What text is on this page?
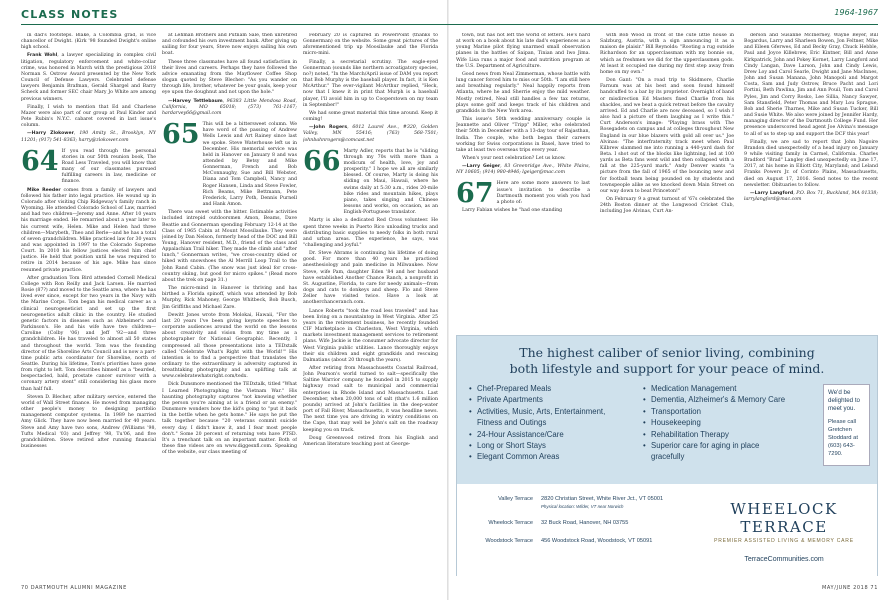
CLASS NOTES	1964-1967

in dad's footsteps. Blake, a Colombia grad, is vice chancellor of Dwight. (Kirk '98 founded Dwight's online high school.

Frank Wohl, a lawyer specializing in complex civil litigation, regulatory enforcement and white-collar crime, was honored in March with the prestigious 2018 Norman S. Ostrow Award presented by the New York Council of Defense Lawyers. Celebrated defense lawyers Benjamin Brafman, Gerald Shargel and Barry Scheck and former SEC chair Mary Jo White are among previous winners.

Finally, I wish to mention that Ed and Charlene Mazer were also part of our group at Paul Kinder and Pete Rubin's N.Y.C. cabaret covered in last issue's column.

—Harry Zlokower, 190 Amity St., Brooklyn, NY 11201; (917) 541-8363; harry@zlokower.com

64 If you read through the personal stories in our 50th reunion book, The Road Less Traveled, you will know that many of our classmates pursued fulfilling careers in law, medicine or finance.

Mike Reeder comes from a family of lawyers and followed his father into legal practice. He wound up in Colorado after visiting Chip Ridgeway's family ranch in Wyoming. He attended Colorado School of Law, married and had two children—Jeremy and Anne. After 10 years his marriage ended. He remarried about a year later to his current wife, Helen. Mike and Helen had three children—Marybeth, Theo and Berle—and he has a total of seven grandchildren. Mike practiced law for 30 years and was appointed in 1997 to the Colorado Supreme Court. In 2010 his fellow justices elected him chief justice. He held that position until he was required to retire in 2014 because of his age. Mike has since resumed private practice.

After graduation Tom Bird attended Cornell Medical College with Ron Reilly and Jack Larsen. He married Rosie (87?) and moved to the Seattle area, where he has lived ever since, except for two years in the Navy with the Marine Corps. Tom began his medical career as a clinical neurogeneticist and set up the first neurogenetics adult clinic in the country. He studied genetic factors in diseases such as Alzheimer's and Parkinson's. He and his wife have two children—Caroline (Colby '06) and Jeff '92—and three grandchildren. He has traveled to almost all 50 states and throughout the world. Tom was the founding director of the Shoreline Arts Council and is now a part-time public arts coordinator for Shoreline, north of Seattle. During his lifetime, Tom's priorities have gone from right to left. Tom describes himself as a "bearded, bespectacled, bald, prostate cancer survivor with a coronary artery stent" still considering his glass more than half full.

Steven D. Blecher, after military service, entered the world of Wall Street finance. He moved from managing other people's money to designing portfolio management computer systems. In 1989 he married Amy Glick. They have now been married for 40 years. Steve and Amy have two sons, Andrew (Williams '98, Tufts Medical '03) and Jeffrey '98, Tu'06, and five grandchildren. Steve retired after running financial businesses

at Lehman Brothers and Putnam Sale, then unretired and cofounded his own investment bank. After giving up sailing for four years, Steve now enjoys sailing his own boat.

These three classmates have all found satisfaction in their lives and careers. Perhaps they have followed the advice emanating from the Mayflower Coffee Shop slogan quoted by Steve Blecher: "As you wander on through life, brother, whatever be your goals, keep your eye upon the doughnut and not upon the hole."

—Harvey Tettlebaum, 96383 Little Mendosa Road, California, MO 65018; (573) 761-1167; hardarvey66@gmail.com

65 This will be a bittersweet column. We have word of the passing of Andrew Wells Lewis and Art Rainey since last we spoke. Steve Waterhouse left us in December. His memorial service was held in Hanover on January 8 and was attended by Betsy and Mike Gonnerman, French and Bob McConnaughy, Sue and Bill Webster, Diana and Tom Campbell, Nancy and Roger Hansen, Linda and Steve Fowler, Rich Beams, Mike Bettmann, Pete Frederick, Larry Poth, Dennis Purnell and Hank Amon.

There was sweet with the bitter. Estimable activities included intrepid outdoorsmen Amon, Beams, Dave Beattie and Gonnerman spending February 12-14 at the Class of 1965 Cabin at Mount Moosilauke. They were joined by Dan Nelson, formerly head of the DOC and Bill Young, Hanover resident, M.D., friend of the class and Appalachian Trail hiker. They made the climb and "after lunch," Gonnerman writes, "we cross-country skied or hiked with snowshoes the Al Merrill Loop Trail to the John Rand Cabin. (The snow was just ideal for cross-country skiing, but good for micro spikes." (Read more about the trek on page 31.)

The micro-mind in Hanover is thriving and has birthed a Florida spinoff, which was attended by Bob Murphy, Rick Mahoney, George Whitbeck, Bob Busch, Jim Griffiths and Michael Zare.

Dewitt Jones wrote from Molokai, Hawaii, "For the last 20 years I've been giving keynote speeches to corporate audiences around the world on the lessons about creativity and vision from my time as a photographer for National Geographic. Recently, I compressed all those presentations into a TEDxtalk called 'Celebrate What's Right with the World!'" His intention is to find a perspective that translates the ordinary to the extraordinary is adversity captured in breathtaking photography and an uplifting talk at www.celebratewhatsright.com/tedx.

Dick Dunsmore mentioned the TEDxtalk, titled "What I Learned Photographing the Vietnam War." His haunting photography captures "not knowing whether the person you're aiming at is a friend or an enemy." Dunsmore wonders how the kid's going to "put it back in the bottle when he gets home." He says he put the talk together because "20 veterans commit suicide every day. I didn't know it, and I fear most people don't." Some 20 percent of returning vets have PTSD. It's a trenchant talk on an important matter. Both of these fine videos are on www.diggesnfl.com. Speaking of the website, our class meeting of

February 20 is captured in PowerPoint (thanks to Gonnerman) on the website. Some great pictures of the aforementioned trip up Moosilauke and the Florida micro-mini.

Finally, a secretarial scrutiny. The eagle-eyed Gonnerman (sounds like northern acroatigatory species, no?) noted, "In the March/April issue of DAM you report that Bob Murphy is the baseball player. In fact, it is Ken McArthur." The ever-vigilant McArthur replied, "Heck, now that I knew it in print that Murph is a baseball player, I'll avoid him in up to Cooperstown on my team in September!"

We had some great material this time around. Keep it coming!

—John Rogers, 6012 Laurel Ave., #320, Golden Valley, MN 55416; (763) 568-7501; johnbahnrogers@comcast.net

66 Marty Adler, reports that he is "sliding through my 70s with more than a modicum of health, love, joy and prosperity." I hope we all are similarly blessed. Of course, Marty is doing his sliding on Maui, Hawaii, where he swims daily at 5:30 a.m., rides 20-mile bike rides and mountain hikes, plays piano, takes singing and Chinese lessons and works, on occasion, as an English-Portuguese translator.

Marty is also a dedicated Red Cross volunteer. He spent three weeks in Puerto Rico unloading trucks and distributing basic supplies to needy folks in both rural and urban areas. The experience, he says, was "challenging and joyful."

Dr. Steve Abrams is continuing his lifetime of doing good. For more than 40 years he practiced anesthesiology and pain medicine in Milwaukee. Now Steve, wife Pam, daughter Eden '84 and her husband have established Another Chance Ranch, a nonprofit in St. Augustine, Florida, to care for needy animals—from dogs and cats to donkeys and sheep. Flo and Steve Zeller have visited twice. Have a look at anotherchanceranch.com.

Lance Roberts "took the road less traveled" and has been living on a mountaintop in West Virginia. After 25 years in the retirement business, he recently founded CIF Marketplace in Charleston, West Virginia, which markets investment management services to retirement plans. Wife Jackie is the consumer advocate director for West Virginia public utilities. Lance thoroughly enjoys their six children and eight grandkids and rescuing Dalmatians (about 20 through the years).

After retiring from Massachusetts Coastal Railroad, John Pearson's world turned to salt—specifically the Saltine Warrior company he founded in 2015 to supply highway road salt to municipal and commercial enterprises in Rhode Island and Massachusetts. Last December, when 20,000 tons of salt (that's 1.6 million pounds) arrived at John's facilities in the deep-water port of Fall River, Massachusetts, it was headline news. The next time you are driving in wintry conditions on the Cape, that may well be John's salt on the roadway keeping you on track.

Doug Greenwood retired from his English and American literature teaching post at George-

town, but has not left the world of letters. He's hard at work on a book about his late dad's experiences as a young Marine pilot flying unarmed small observation planes in the battles of Saipan, Tinian and Iwo Jima. Wife Lisa runs a major food and nutrition program at the U.S. Department of Agriculture.

Good news from Neal Zimmerman, whose battle with lung cancer forced him to miss our 50th. "I am still here and breathing regularly." Neal happily reports from Atlanta, where he and Sherrie enjoy the mild weather. Mostly retired, Neal still handles a few tax returns, plays some golf and keeps track of his children and grandkids in the New York area.

This issue's 50th wedding anniversary couple is Jeannette and Oliver "Tripp" Miller, who celebrated their 50th in December with a 13-day tour of Rajasthan, India. The couple, who both began their careers working for Swiss corporations in Basel, have tried to take at least two overseas trips every year.

When's your next celebration? Let us know.

—Larry Geiger, 83 Greenridge Ave., White Plains, NY 10605; (914) 980-4946; lgeiger@mac.com

67 Here are some more answers to last issue's invitation to describe a Dartmouth moment you wish you had a photo of:

Larry Fabian wishes he "had one standing

with Bob Wood in front of the cute little house in Salzburg, Austria, with a sign announcing it as a maison de plaisir." Bill Reynolds: "Rooting a rug outside Richardson for an upperclassman with my bonnie on, which as freshmen we did for the upperclassmen gods. At least it occupied me during my first step away from home on my own."

Don Gant: "On a road trip to Skidmore, Charlie Farnum was at his best and soon found himself handcuffed to a bar by its proprietor. Overnight of band or misdirection Ed Masters fixed Charlie from his shackles, and we beat a quick retreat before the cavalry arrived. Ed and Charlie are now deceased, so I wish I also had a picture of them laughing as I write this." Curt Anderson's image: "Playing brass with The Rosegadets on campus and at colleges throughout New England in our blue blazers with gold all over us." Joe Alvinas: "The interfraternity track meet when Paul Kilbrew slammed me into running a 440-yard dash for Beta. I shot out of the blocks like lightning, led at 100 yards as Beta fans went wild and then collapsed with a fall at the 225-yard mark." Andy Denver wants "a picture from the fall of 1965 of the bouncing new and for football team being pounded on by students and townspeople alike as we knocked down Main Street on our way down to beat Princeton!"

On February 9 a great turnout of '67s celebrated the 24th Boston dinner at the Longwood Cricket Club, including Joe Alvinas, Curt An-

derson and Susanne McInerney, Wayne Beyer, Bill Bogardus, Larry and Sharleen Bowen, Jon Feltner, Mike and Eileen Gferwes, Ed and Becky Gray, Chuck Hebble, Paul and Joyce Killebrew, Eric Kintner, Bill and Anne Kirkpatrick, John and Pokey Kornet, Larry Langford and Cindy Langan, Dave Larson, John and Cindy Lewis, Drew Loy and Carol Searle, Dwight and Jane MacInnes, John and Susan Manana, John Manopoli and Margot Costa, Sam and Judy Ostrow, Bruce Pacht and Lori Fortini, Beth Pawlina, Jim and Ann Pouil, Tom and Carol Pyles, Jim and Corry Rosko, Lee Sillia, Nancy Sawyer, Sam Stansfield, Peter Thomas and Mary Lou Sprague, Bob and Sherie Tharnes, Mike and Susan Tucker, Bill and Susie White. We also were joined by Jennifer Hardy, managing director of the Dartmouth College Fund. Her presence underscored head agent Joe Alvina's message to all of us to step up and support the DCF this year!

Finally, we are sad to report that John Nagoire Brandon died unexpectedly of a head injury on January 9 while visiting family in Carmel, California. Charles Bradford "Brad" Langley died unexpectedly on June 17, 2017, at his home in Elliott City, Maryland; and Leland Franks Powers Jr. of Corinto Plains, Massachusetts, died on August 17, 2016. Send notes to the recent newsletter. Obituaries to follow.

—Larry Langford, P.O. Box 71, Buckland, MA 01338; larrylangford@mac.com

The highest caliber of senior living, combining
both lifestyle and support for your peace of mind.
• Chef-Prepared Meals
• Private Apartments
• Activities, Music, Arts, Entertainment,
Fitness and Outings
• 24-Hour Assistance/Care
• Long or Short Stays
• Elegant Common Areas
• Medication Management
• Dementia, Alzheimer's & Memory Care
• Transportation
• Housekeeping
• Rehabilitation Therapy
• Superior care for aging in place
gracefully
We'd be delighted to meet you.
Please call Gretchen Stoddard at (603) 643-7290.
Valley Terrace	2820 Christian Street, White River Jct., VT 05001
Physical location: Wilder, VT near Norwich
Wheelock Terrace	32 Buck Road, Hanover, NH 03755
Woodstock Terrace	456 Woodstock Road, Woodstock, VT 05091
WHEELOCK TERRACE
PREMIER ASSISTED LIVING & MEMORY CARE
TerraceCommunities.com
70 DARTMOUTH ALUMNI MAGAZINE	MAY/JUNE 2018 71
